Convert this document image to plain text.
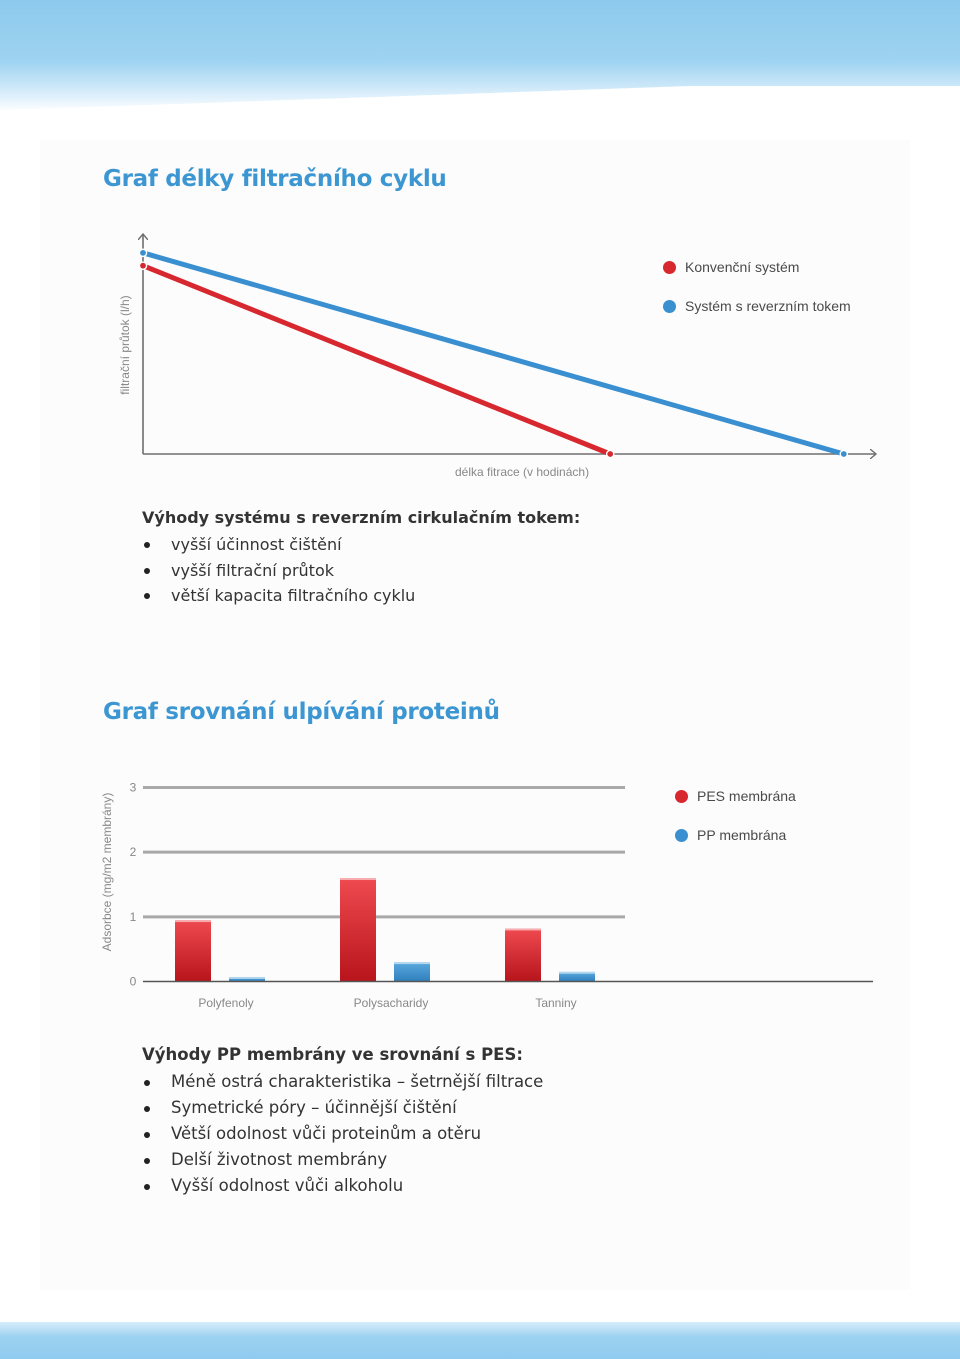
Graf délky filtračního cyklu
filtrační průtok (l/h)
délka fitrace (v hodinách)
Konvenční systém
Systém s reverzním tokem

Výhody systému s reverzním cirkulačním tokem:

vyšší účinnost čištění
vyšší filtrační průtok
větší kapacita filtračního cyklu
Graf srovnání ulpívání proteinů
Adsorbce (mg/m2 membrány)
0
1
2
3
Polyfenoly	Polysacharidy	Tanniny
PES membrána
PP membrána

Výhody PP membrány ve srovnání s PES:

Méně ostrá charakteristika – šetrnější filtrace
Symetrické póry – účinnější čištění
Větší odolnost vůči proteinům a otěru
Delší životnost membrány
Vyšší odolnost vůči alkoholu
